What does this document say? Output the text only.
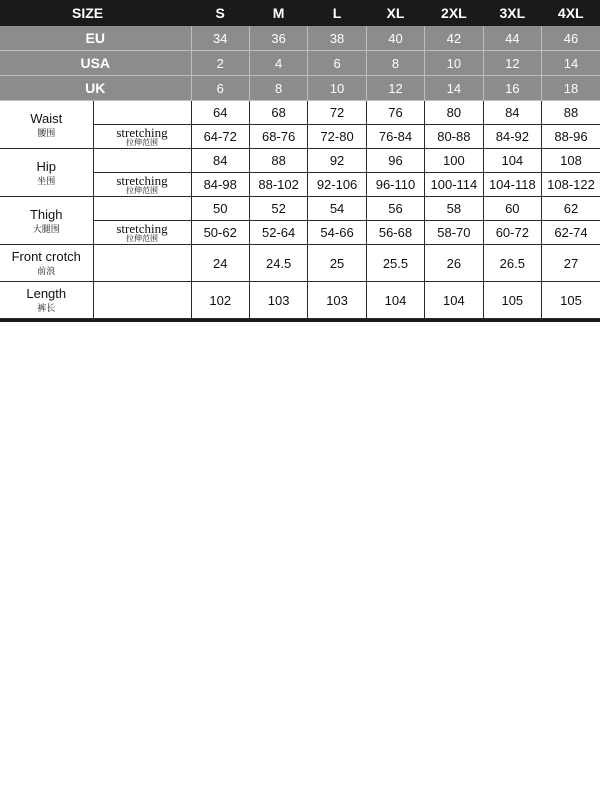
SIZE		S	M	L	XL	2XL	3XL	4XL
EU		34	36	38	40	42	44	46
USA		2	4	6	8	10	12	14
UK		6	8	10	12	14	16	18
Waist
腰围		64	68	72	76	80	84	88
	stretching
拉伸范围	64-72	68-76	72-80	76-84	80-88	84-92	88-96
Hip
坐围		84	88	92	96	100	104	108
	stretching
拉伸范围	84-98	88-102	92-106	96-110	100-114	104-118	108-122
Thigh
大腿围		50	52	54	56	58	60	62
	stretching
拉伸范围	50-62	52-64	54-66	56-68	58-70	60-72	62-74
Front crotch
前浪		24	24.5	25	25.5	26	26.5	27
Length
裤长		102	103	103	104	104	105	105
